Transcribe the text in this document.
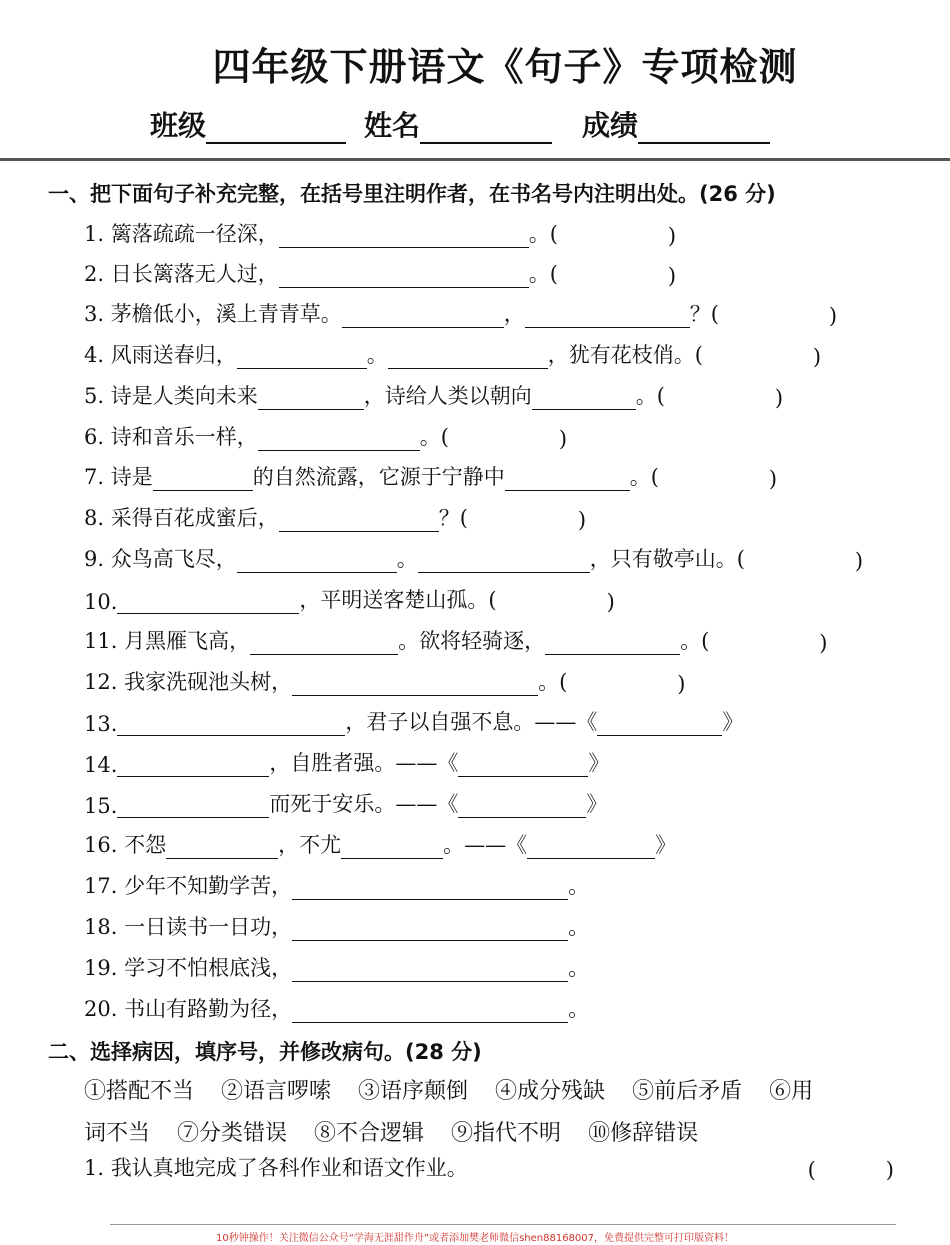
四年级下册语文《句子》专项检测
班级	姓名	成绩
一、把下面句子补充完整，在括号里注明作者，在书名号内注明出处。(26 分)
1. 篱落疏疏一径深，	。(	)
2. 日长篱落无人过，	。(	)
3. 茅檐低小，溪上青青草。	，	？(	)
4. 风雨送春归，	。	，犹有花枝俏。(	)
5. 诗是人类向未来	，诗给人类以朝向	。(	)
6. 诗和音乐一样，	。(	)
7. 诗是	的自然流露，它源于宁静中	。(	)
8. 采得百花成蜜后，	？(	)
9. 众鸟高飞尽，	。	，只有敬亭山。(	)
10.	，平明送客楚山孤。(	)
11. 月黑雁飞高，	。欲将轻骑逐，	。(	)
12. 我家洗砚池头树，	。(	)
13.	，君子以自强不息。——《	》
14.	，自胜者强。——《	》
15.	而死于安乐。——《	》
16. 不怨	，不尤	。——《	》
17. 少年不知勤学苦，	。
18. 一日读书一日功，	。
19. 学习不怕根底浅，	。
20. 书山有路勤为径，	。
二、选择病因，填序号，并修改病句。(28 分)
①搭配不当 ②语言啰嗦 ③语序颠倒 ④成分残缺 ⑤前后矛盾 ⑥用
词不当 ⑦分类错误 ⑧不合逻辑 ⑨指代不明 ⑩修辞错误
1. 我认真地完成了各科作业和语文作业。	(	)
10秒钟操作！关注微信公众号“学海无涯甜作舟”或者添加樊老师微信shen88168007，免费提供完整可打印版资料！
